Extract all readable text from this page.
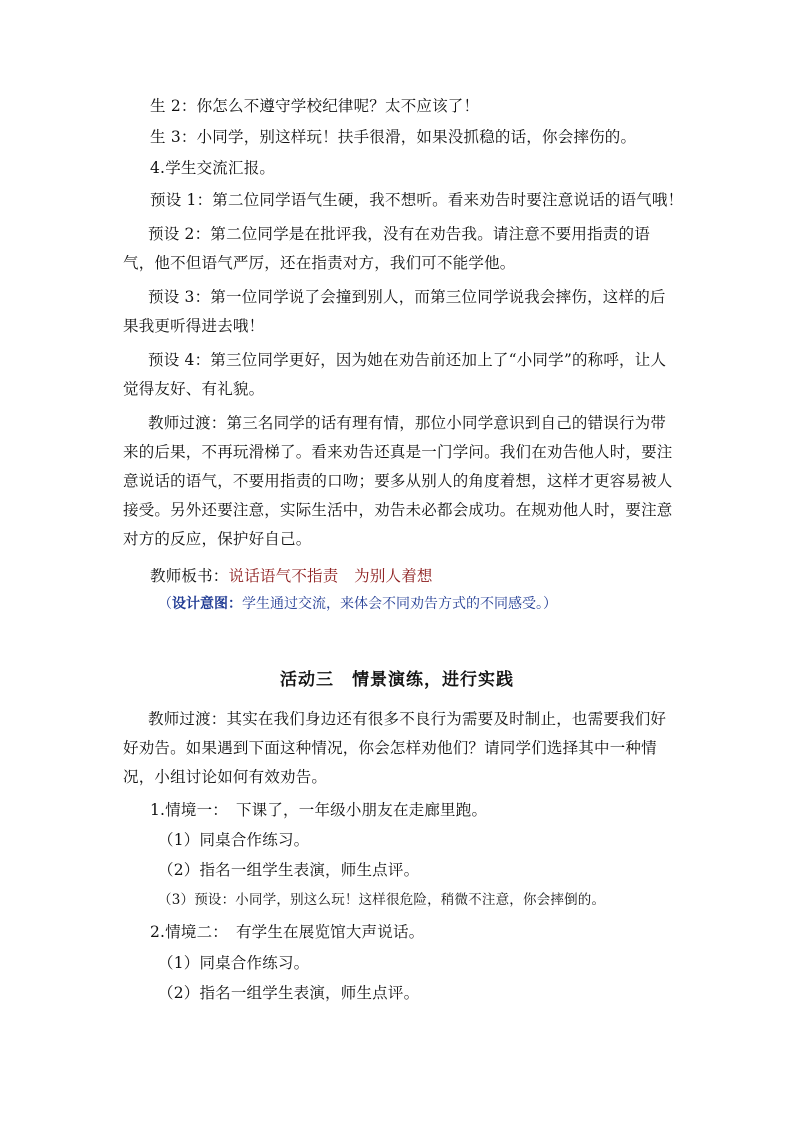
生 2：你怎么不遵守学校纪律呢？太不应该了！
生 3：小同学，别这样玩！扶手很滑，如果没抓稳的话，你会摔伤的。
4.学生交流汇报。
预设 1：第二位同学语气生硬，我不想听。看来劝告时要注意说话的语气哦！
预设 2：第二位同学是在批评我，没有在劝告我。请注意不要用指责的语气，他不但语气严厉，还在指责对方，我们可不能学他。
预设 3：第一位同学说了会撞到别人，而第三位同学说我会摔伤，这样的后果我更听得进去哦！
预设 4：第三位同学更好，因为她在劝告前还加上了“小同学”的称呼，让人觉得友好、有礼貌。
教师过渡：第三名同学的话有理有情，那位小同学意识到自己的错误行为带来的后果，不再玩滑梯了。看来劝告还真是一门学问。我们在劝告他人时，要注意说话的语气，不要用指责的口吻；要多从别人的角度着想，这样才更容易被人接受。另外还要注意，实际生活中，劝告未必都会成功。在规劝他人时，要注意对方的反应，保护好自己。
教师板书：说话语气不指责　为别人着想
（设计意图：学生通过交流，来体会不同劝告方式的不同感受。）
活动三　情景演练，进行实践
教师过渡：其实在我们身边还有很多不良行为需要及时制止，也需要我们好好劝告。如果遇到下面这种情况，你会怎样劝他们？请同学们选择其中一种情况，小组讨论如何有效劝告。
1.情境一：　下课了，一年级小朋友在走廊里跑。
（1）同桌合作练习。
（2）指名一组学生表演，师生点评。
（3）预设：小同学，别这么玩！这样很危险，稍微不注意，你会摔倒的。
2.情境二：　有学生在展览馆大声说话。
（1）同桌合作练习。
（2）指名一组学生表演，师生点评。
